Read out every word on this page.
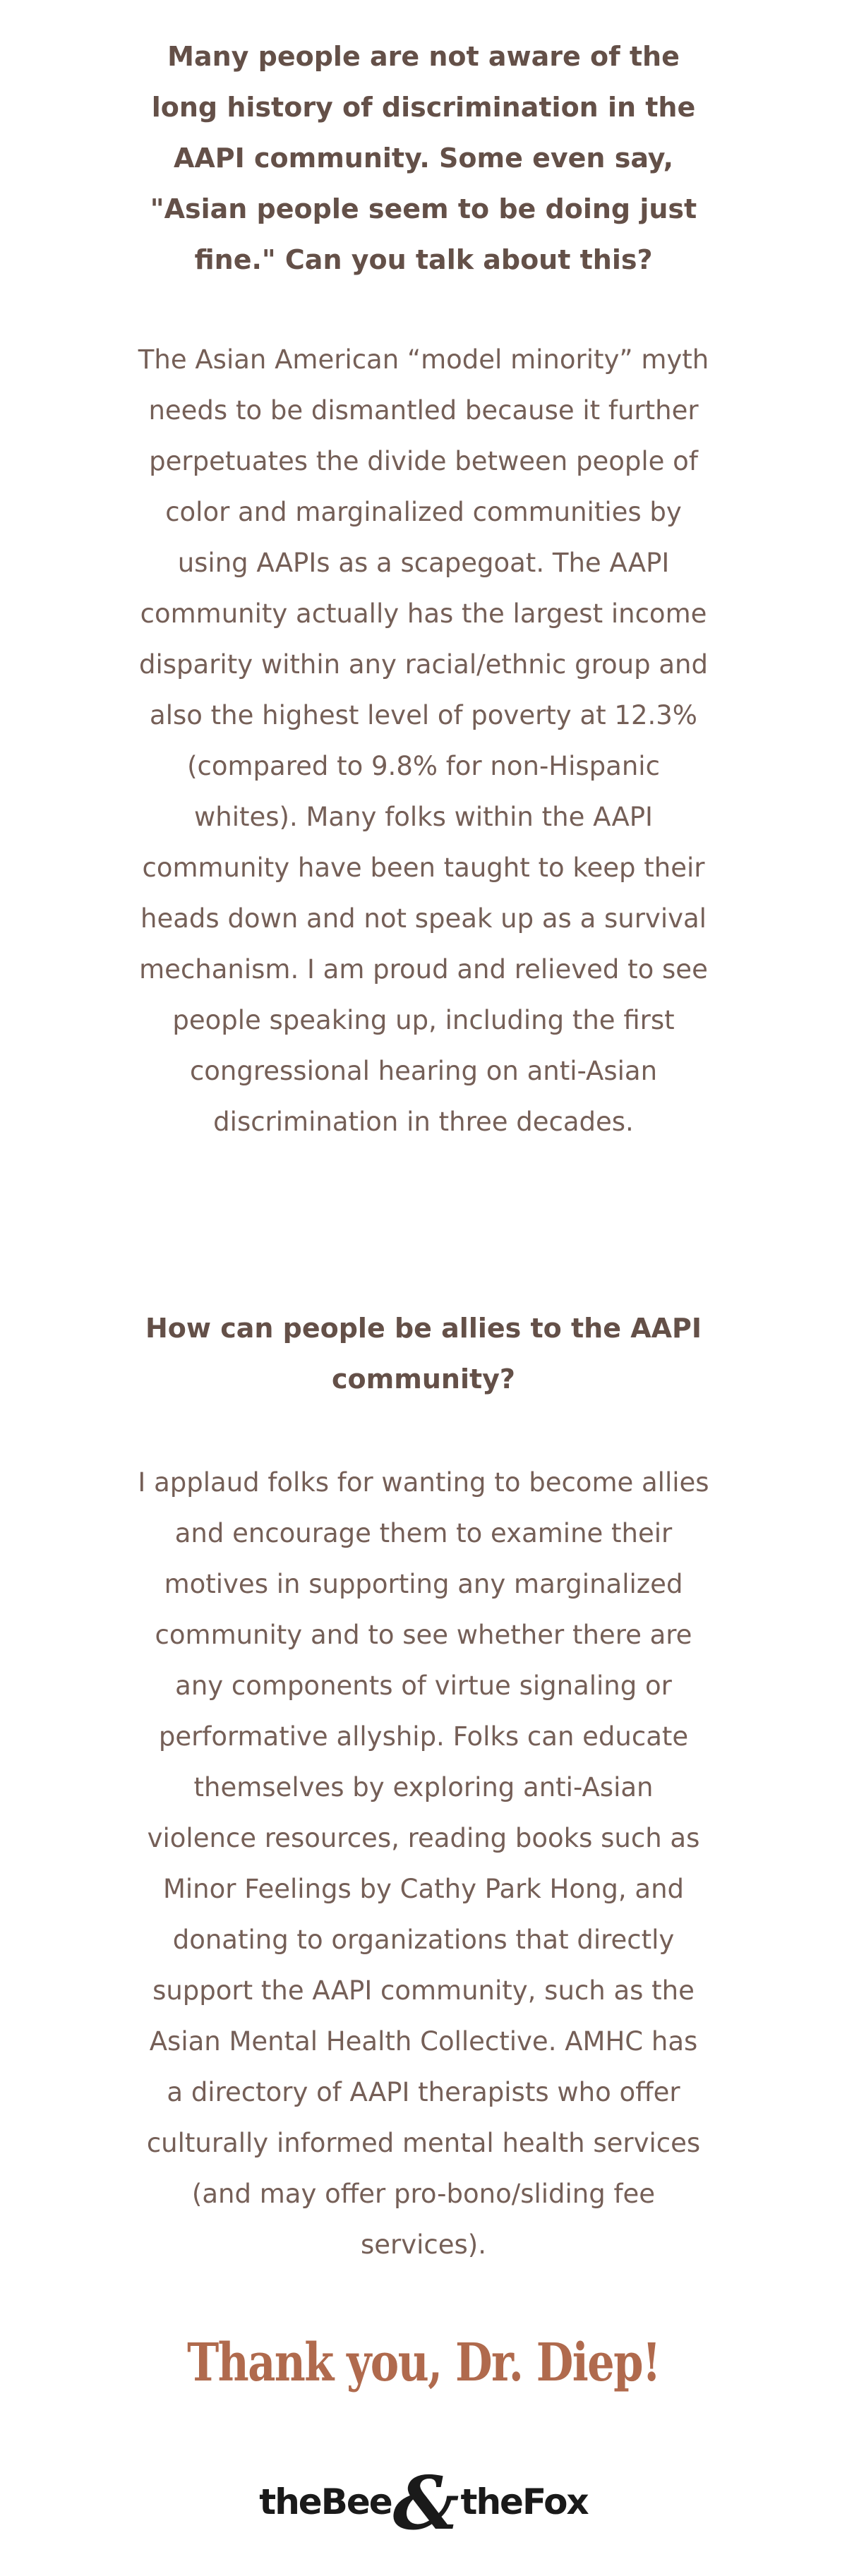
Many people are not aware of the long history of discrimination in the AAPI community. Some even say, "Asian people seem to be doing just fine." Can you talk about this?

The Asian American “model minority” myth needs to be dismantled because it further perpetuates the divide between people of color and marginalized communities by using AAPIs as a scapegoat. The AAPI community actually has the largest income disparity within any racial/ethnic group and also the highest level of poverty at 12.3% (compared to 9.8% for non-Hispanic whites). Many folks within the AAPI community have been taught to keep their heads down and not speak up as a survival mechanism. I am proud and relieved to see people speaking up, including the first congressional hearing on anti-Asian discrimination in three decades.

How can people be allies to the AAPI community?

I applaud folks for wanting to become allies and encourage them to examine their motives in supporting any marginalized community and to see whether there are any components of virtue signaling or performative allyship. Folks can educate themselves by exploring anti-Asian violence resources, reading books such as Minor Feelings by Cathy Park Hong, and donating to organizations that directly support the AAPI community, such as the Asian Mental Health Collective. AMHC has a directory of AAPI therapists who offer culturally informed mental health services (and may offer pro-bono/sliding fee services).

Thank you, Dr. Diep!
theBee & theFox
